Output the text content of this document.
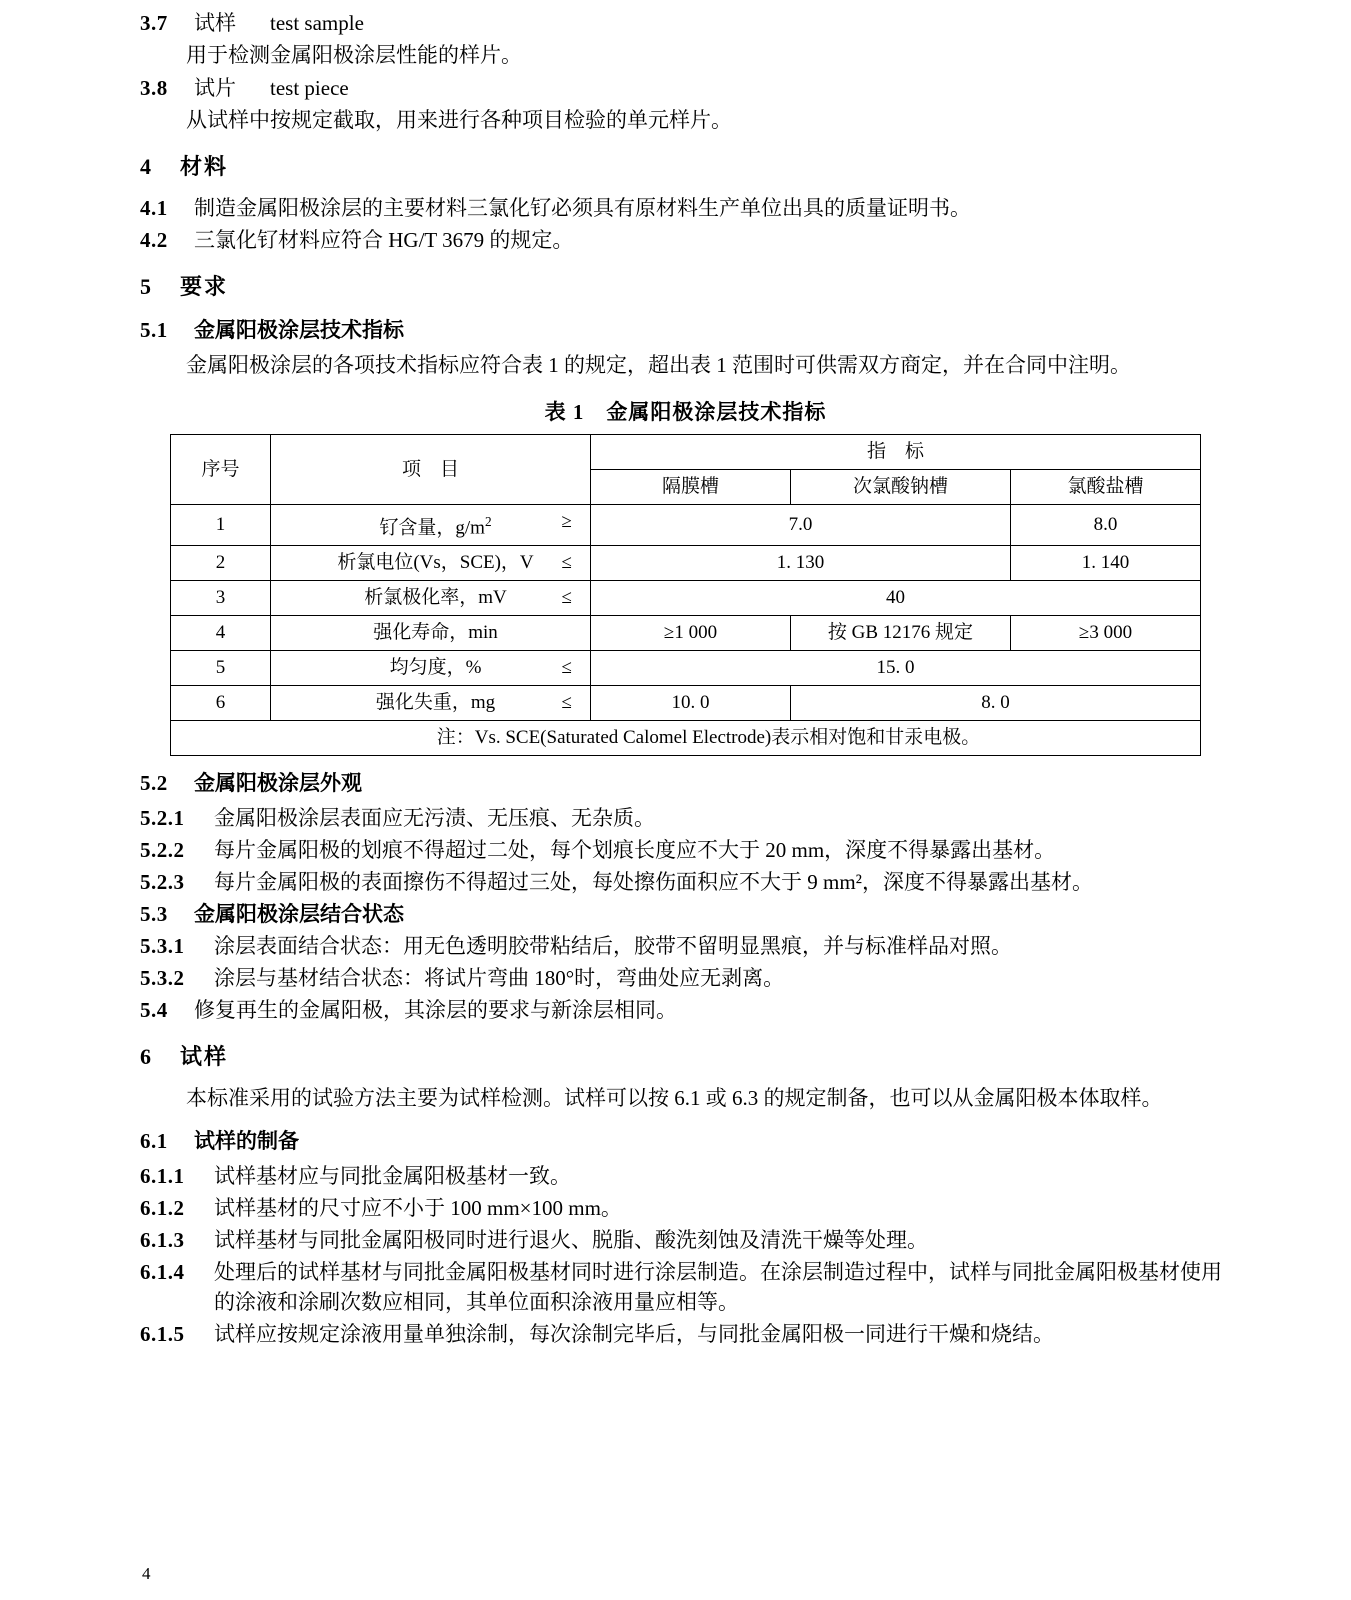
3.7	试样 test sample
用于检测金属阳极涂层性能的样片。
3.8	试片 test piece
从试样中按规定截取，用来进行各种项目检验的单元样片。
4	材料
4.1	制造金属阳极涂层的主要材料三氯化钌必须具有原材料生产单位出具的质量证明书。
4.2	三氯化钌材料应符合 HG/T 3679 的规定。
5	要求
5.1	金属阳极涂层技术指标
金属阳极涂层的各项技术指标应符合表 1 的规定，超出表 1 范围时可供需双方商定，并在合同中注明。
表 1　金属阳极涂层技术指标
序号	项　目	指　标		
		隔膜槽	次氯酸钠槽	氯酸盐槽
1	钌含量，$g/m^2$ ≥	7.0		8.0
2	析氯电位(Vs，SCE)，V ≤	1. 130		1. 140
3	析氯极化率，mV ≤	40		
4	强化寿命，min	≥1 000	按 GB 12176 规定	≥3 000
5	均匀度，% ≤	15. 0		
6	强化失重，mg ≤	10. 0	8. 0	
注：Vs. SCE(Saturated Calomel Electrode)表示相对饱和甘汞电极。				
5.2	金属阳极涂层外观
5.2.1	金属阳极涂层表面应无污渍、无压痕、无杂质。
5.2.2	每片金属阳极的划痕不得超过二处，每个划痕长度应不大于 20 mm，深度不得暴露出基材。
5.2.3	每片金属阳极的表面擦伤不得超过三处，每处擦伤面积应不大于 9 mm²，深度不得暴露出基材。
5.3	金属阳极涂层结合状态
5.3.1	涂层表面结合状态：用无色透明胶带粘结后，胶带不留明显黑痕，并与标准样品对照。
5.3.2	涂层与基材结合状态：将试片弯曲 180°时，弯曲处应无剥离。
5.4	修复再生的金属阳极，其涂层的要求与新涂层相同。
6	试样
本标准采用的试验方法主要为试样检测。试样可以按 6.1 或 6.3 的规定制备，也可以从金属阳极本体取样。
6.1	试样的制备
6.1.1	试样基材应与同批金属阳极基材一致。
6.1.2	试样基材的尺寸应不小于 100 mm×100 mm。
6.1.3	试样基材与同批金属阳极同时进行退火、脱脂、酸洗刻蚀及清洗干燥等处理。
6.1.4	处理后的试样基材与同批金属阳极基材同时进行涂层制造。在涂层制造过程中，试样与同批金属阳极基材使用的涂液和涂刷次数应相同，其单位面积涂液用量应相等。
6.1.5	试样应按规定涂液用量单独涂制，每次涂制完毕后，与同批金属阳极一同进行干燥和烧结。
4
